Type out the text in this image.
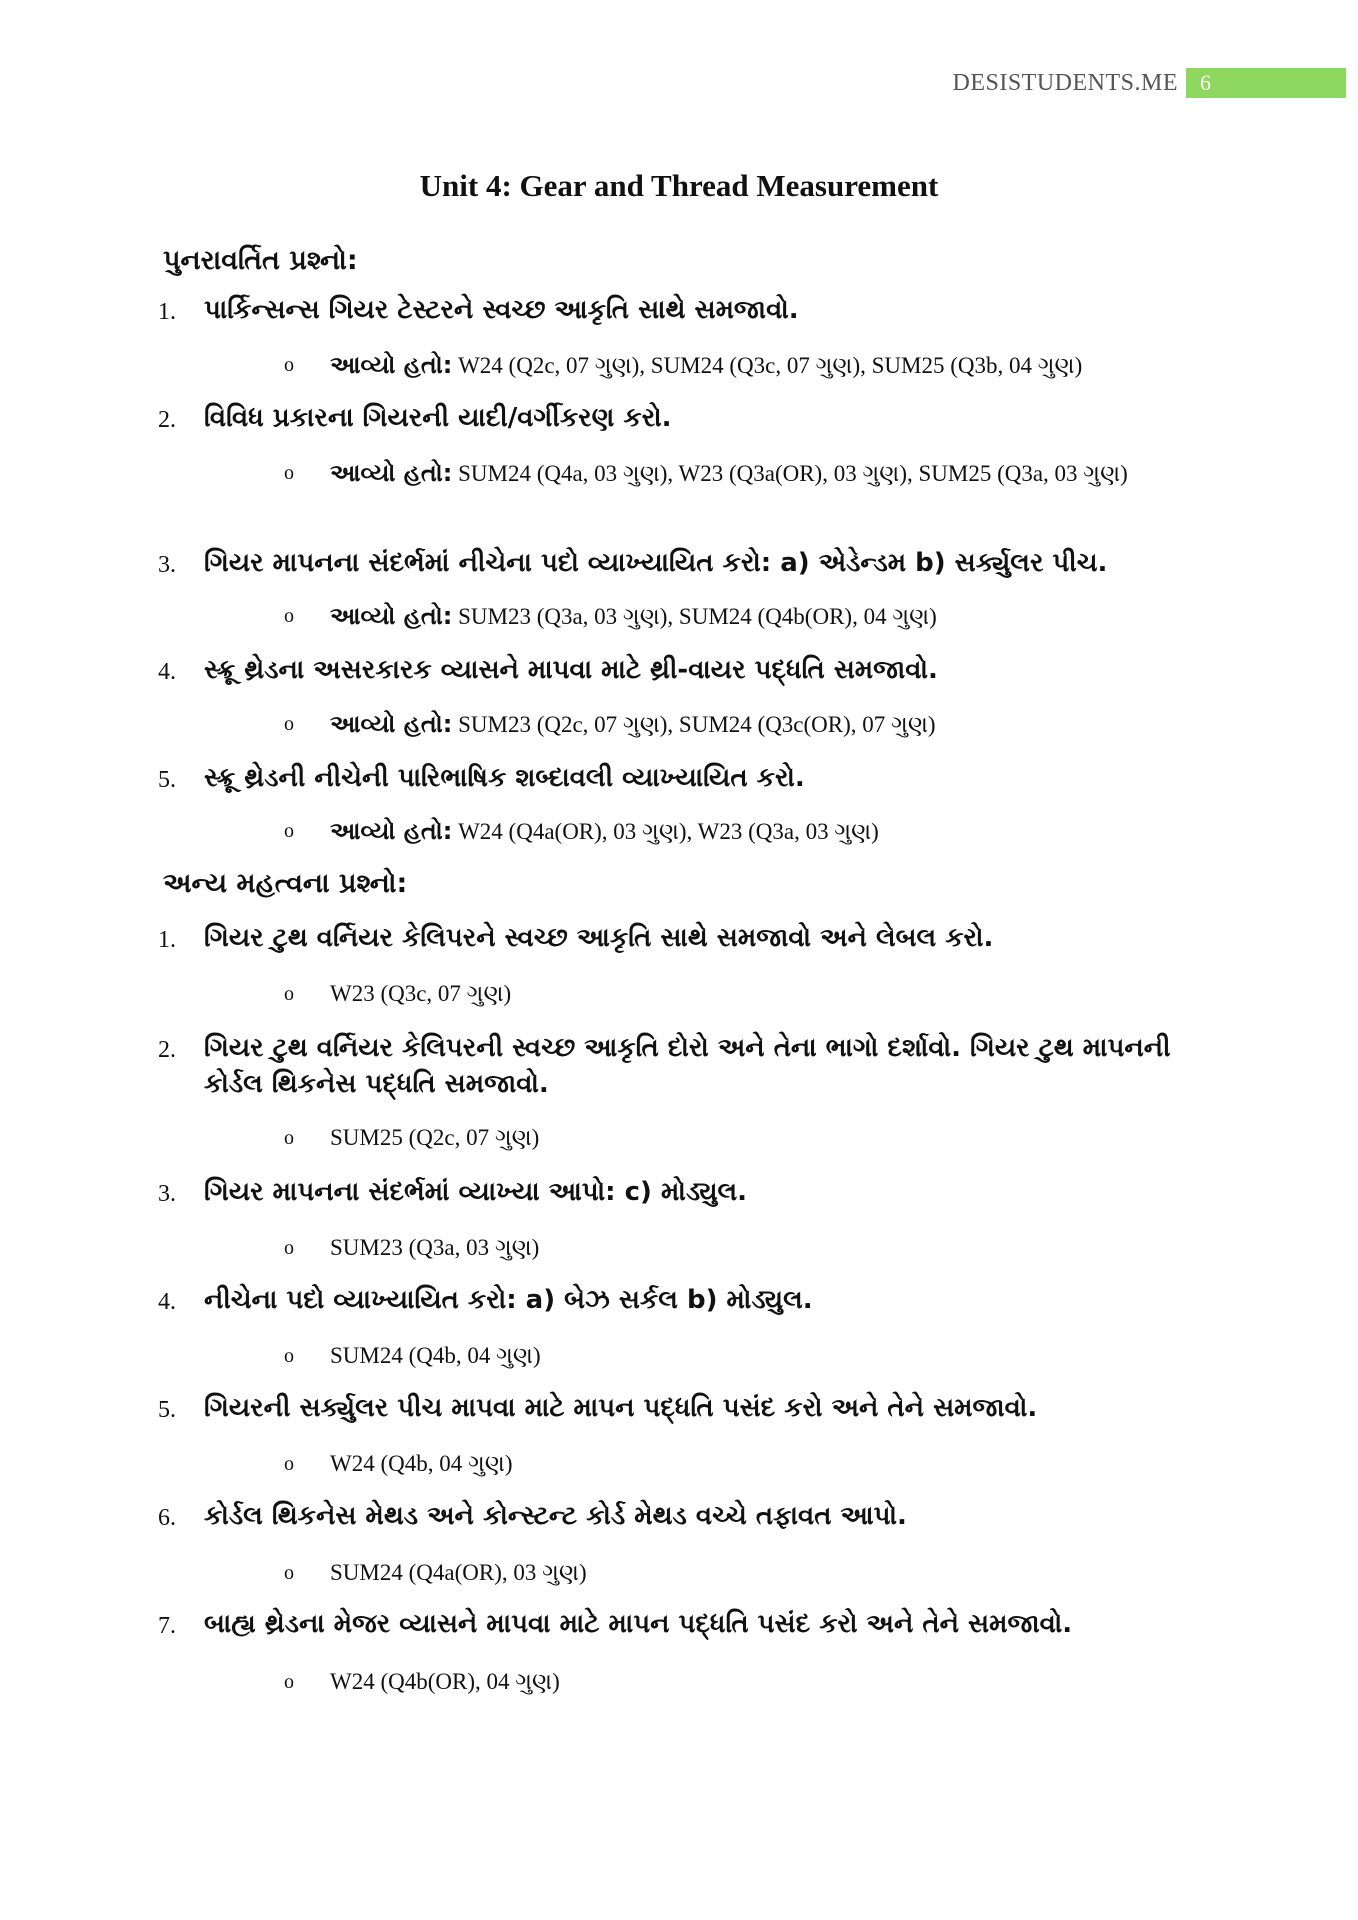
DESISTUDENTS.ME	6
Unit 4: Gear and Thread Measurement
પુનરાવર્તિત પ્રશ્નો:
1. પાર્કિન્સન્સ ગિયર ટેસ્ટરને સ્વચ્છ આકૃતિ સાથે સમજાવો.
o આવ્યો હતો: W24 (Q2c, 07 ગુણ), SUM24 (Q3c, 07 ગુણ), SUM25 (Q3b, 04 ગુણ)
2. વિવિધ પ્રકારના ગિયરની યાદી/વર્ગીકરણ કરો.
o આવ્યો હતો: SUM24 (Q4a, 03 ગુણ), W23 (Q3a(OR), 03 ગુણ), SUM25 (Q3a, 03 ગુણ)
3. ગિયર માપનના સંદર્ભમાં નીચેના પદો વ્યાખ્યાયિત કરો: a) એડેન્ડમ b) સર્ક્યુલર પીચ.
o આવ્યો હતો: SUM23 (Q3a, 03 ગુણ), SUM24 (Q4b(OR), 04 ગુણ)
4. સ્ક્રૂ થ્રેડના અસરકારક વ્યાસને માપવા માટે થ્રી-વાયર પદ્ધતિ સમજાવો.
o આવ્યો હતો: SUM23 (Q2c, 07 ગુણ), SUM24 (Q3c(OR), 07 ગુણ)
5. સ્ક્રૂ થ્રેડની નીચેની પારિભાષિક શબ્દાવલી વ્યાખ્યાયિત કરો.
o આવ્યો હતો: W24 (Q4a(OR), 03 ગુણ), W23 (Q3a, 03 ગુણ)
અન્ય મહત્વના પ્રશ્નો:
1. ગિયર ટુથ વર્નિયર કેલિપરને સ્વચ્છ આકૃતિ સાથે સમજાવો અને લેબલ કરો.
o W23 (Q3c, 07 ગુણ)
2. ગિયર ટુથ વર્નિયર કેલિપરની સ્વચ્છ આકૃતિ દોરો અને તેના ભાગો દર્શાવો. ગિયર ટુથ માપનની કોર્ડલ થિકનેસ પદ્ધતિ સમજાવો.
o SUM25 (Q2c, 07 ગુણ)
3. ગિયર માપનના સંદર્ભમાં વ્યાખ્યા આપો: c) મોડ્યુલ.
o SUM23 (Q3a, 03 ગુણ)
4. નીચેના પદો વ્યાખ્યાયિત કરો: a) બેઝ સર્કલ b) મોડ્યુલ.
o SUM24 (Q4b, 04 ગુણ)
5. ગિયરની સર્ક્યુલર પીચ માપવા માટે માપન પદ્ધતિ પસંદ કરો અને તેને સમજાવો.
o W24 (Q4b, 04 ગુણ)
6. કોર્ડલ થિકનેસ મેથડ અને કોન્સ્ટન્ટ કોર્ડ મેથડ વચ્ચે તફાવત આપો.
o SUM24 (Q4a(OR), 03 ગુણ)
7. બાહ્ય થ્રેડના મેજર વ્યાસને માપવા માટે માપન પદ્ધતિ પસંદ કરો અને તેને સમજાવો.
o W24 (Q4b(OR), 04 ગુણ)
